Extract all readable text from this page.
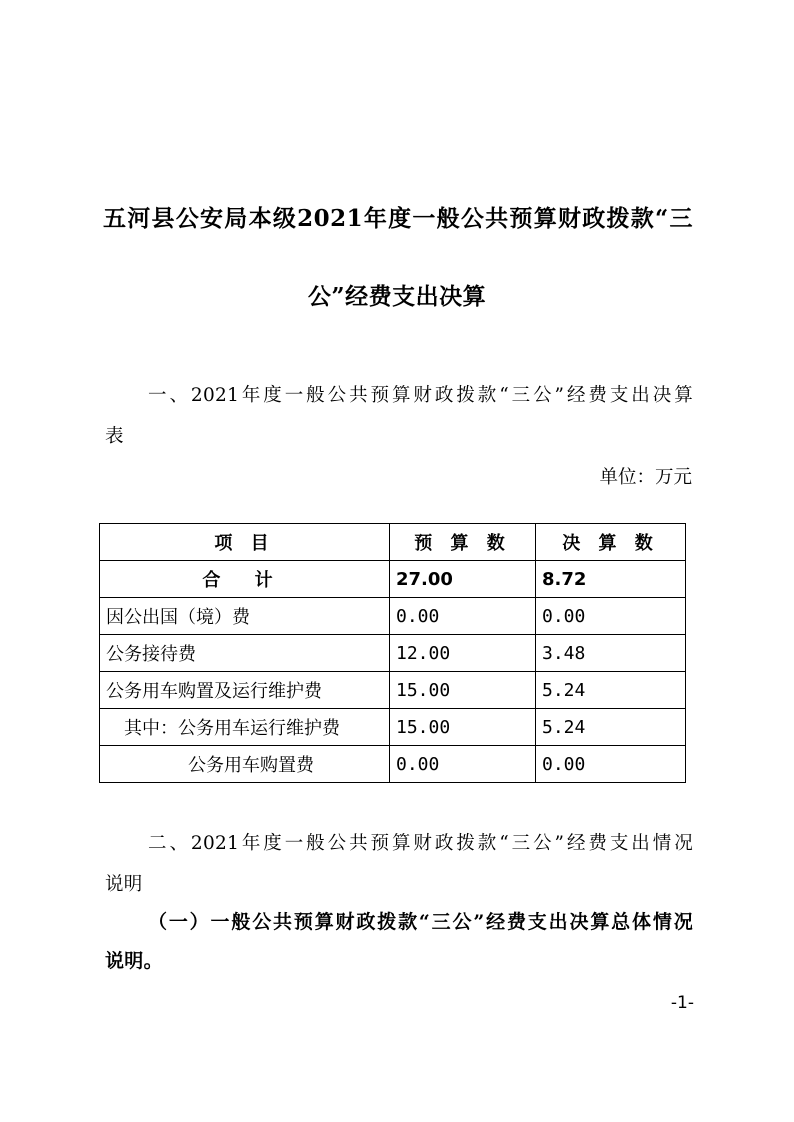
五河县公安局本级2021年度一般公共预算财政拨款“三
公”经费支出决算
一、2021年度一般公共预算财政拨款“三公”经费支出决算
表
单位：万元
项 目	预 算 数	决 算 数
合 计	27.00	8.72
因公出国（境）费	0.00	0.00
公务接待费	12.00	3.48
公务用车购置及运行维护费	15.00	5.24
其中：公务用车运行维护费	15.00	5.24
公务用车购置费	0.00	0.00
二、2021年度一般公共预算财政拨款“三公”经费支出情况
说明
（一）一般公共预算财政拨款“三公”经费支出决算总体情况
说明。
-1-
